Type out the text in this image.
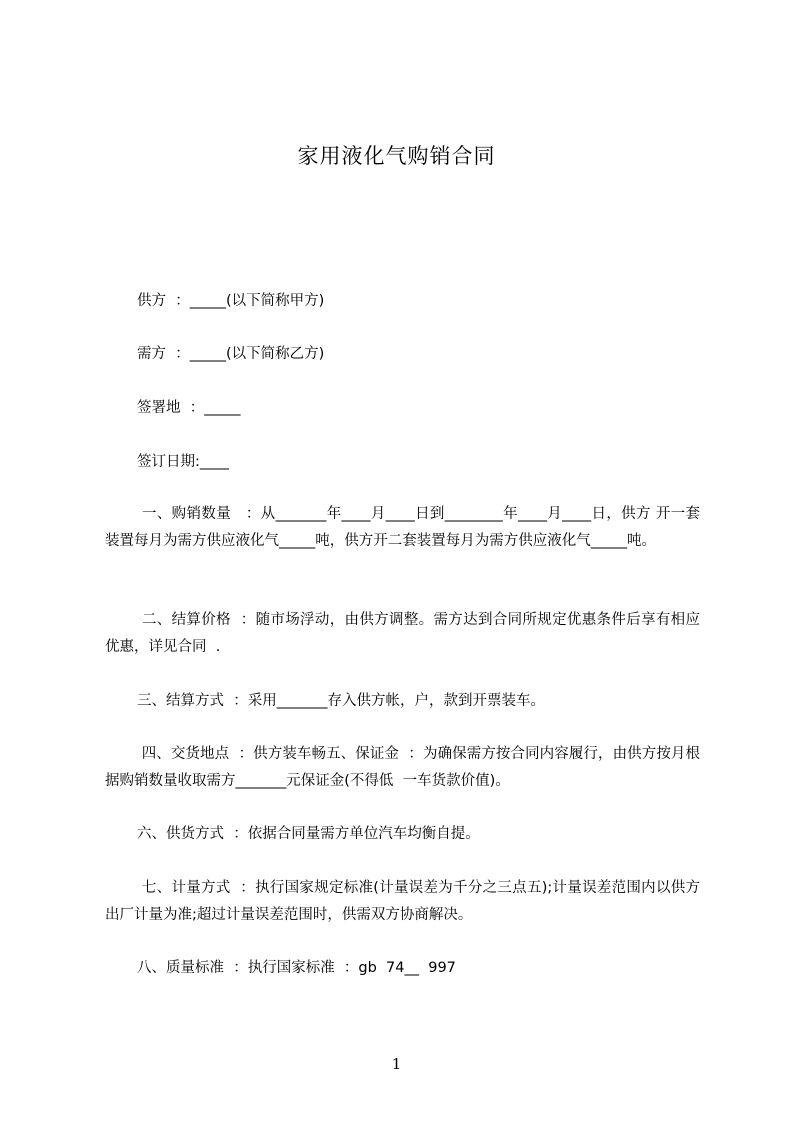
家用液化气购销合同
供方  ：_____(以下简称甲方)
需方  ：_____(以下简称乙方)
签署地  ：_____
签订日期:____
一、购销数量   ：从_______年____月____日到________年____月____日，供方 开一套装置每月为需方供应液化气_____吨，供方开二套装置每月为需方供应液化气_____吨。
二、结算价格  ：随市场浮动，由供方调整。需方达到合同所规定优惠条件后享有相应优惠，详见合同  .
三、结算方式  ：采用_______存入供方帐，户，款到开票装车。
四、交货地点  ：供方装车畅五、保证金  ：为确保需方按合同内容履行，由供方按月根据购销数量收取需方_______元保证金(不得低  一车货款价值)。
六、供货方式  ：依据合同量需方单位汽车均衡自提。
七、计量方式  ：执行国家规定标准(计量误差为千分之三点五);计量误差范围内以供方出厂计量为准;超过计量误差范围时，供需双方协商解决。
八、质量标准  ：执行国家标准  ：gb  74__  997
1
